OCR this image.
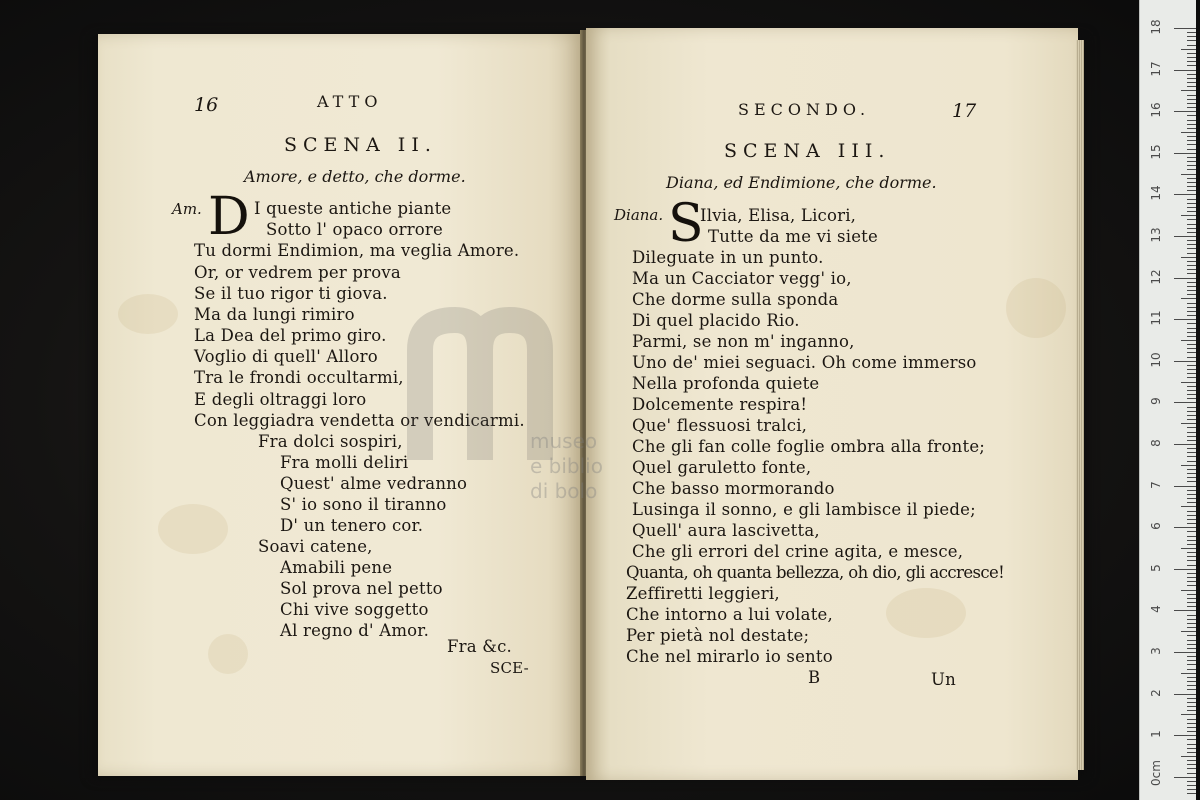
16	ATTO
SCENA II.
Amore, e detto, che dorme.
Am. D I queste antiche piante
Sotto l' opaco orrore
Tu dormi Endimion, ma veglia Amore.
Or, or vedrem per prova
Se il tuo rigor ti giova.
Ma da lungi rimiro
La Dea del primo giro.
Voglio di quell' Alloro
Tra le frondi occultarmi,
E degli oltraggi loro
Con leggiadra vendetta or vendicarmi.
Fra dolci sospiri,
Fra molli deliri
Quest' alme vedranno
S' io sono il tiranno
D' un tenero cor.
Soavi catene,
Amabili pene
Sol prova nel petto
Chi vive soggetto
Al regno d' Amor.
Fra &c.
SCE-
SECONDO.	17
SCENA III.
Diana, ed Endimione, che dorme.
Diana. S
Ilvia, Elisa, Licori,
Tutte da me vi siete
Dileguate in un punto.
Ma un Cacciator vegg' io,
Che dorme sulla sponda
Di quel placido Rio.
Parmi, se non m' inganno,
Uno de' miei seguaci. Oh come immerso
Nella profonda quiete
Dolcemente respira!
Que' flessuosi tralci,
Che gli fan colle foglie ombra alla fronte;
Quel garuletto fonte,
Che basso mormorando
Lusinga il sonno, e gli lambisce il piede;
Quell' aura lascivetta,
Che gli errori del crine agita, e mesce,
Quanta, oh quanta bellezza, oh dio, gli accresce!
Zeffiretti leggieri,
Che intorno a lui volate,
Per pietà nol destate;
Che nel mirarlo io sento
B	Un
museo
e biblio
di bolo
18
17
16
15
14
13
12
11
10
9
8
7
6
5
4
3
2
1
0cm
